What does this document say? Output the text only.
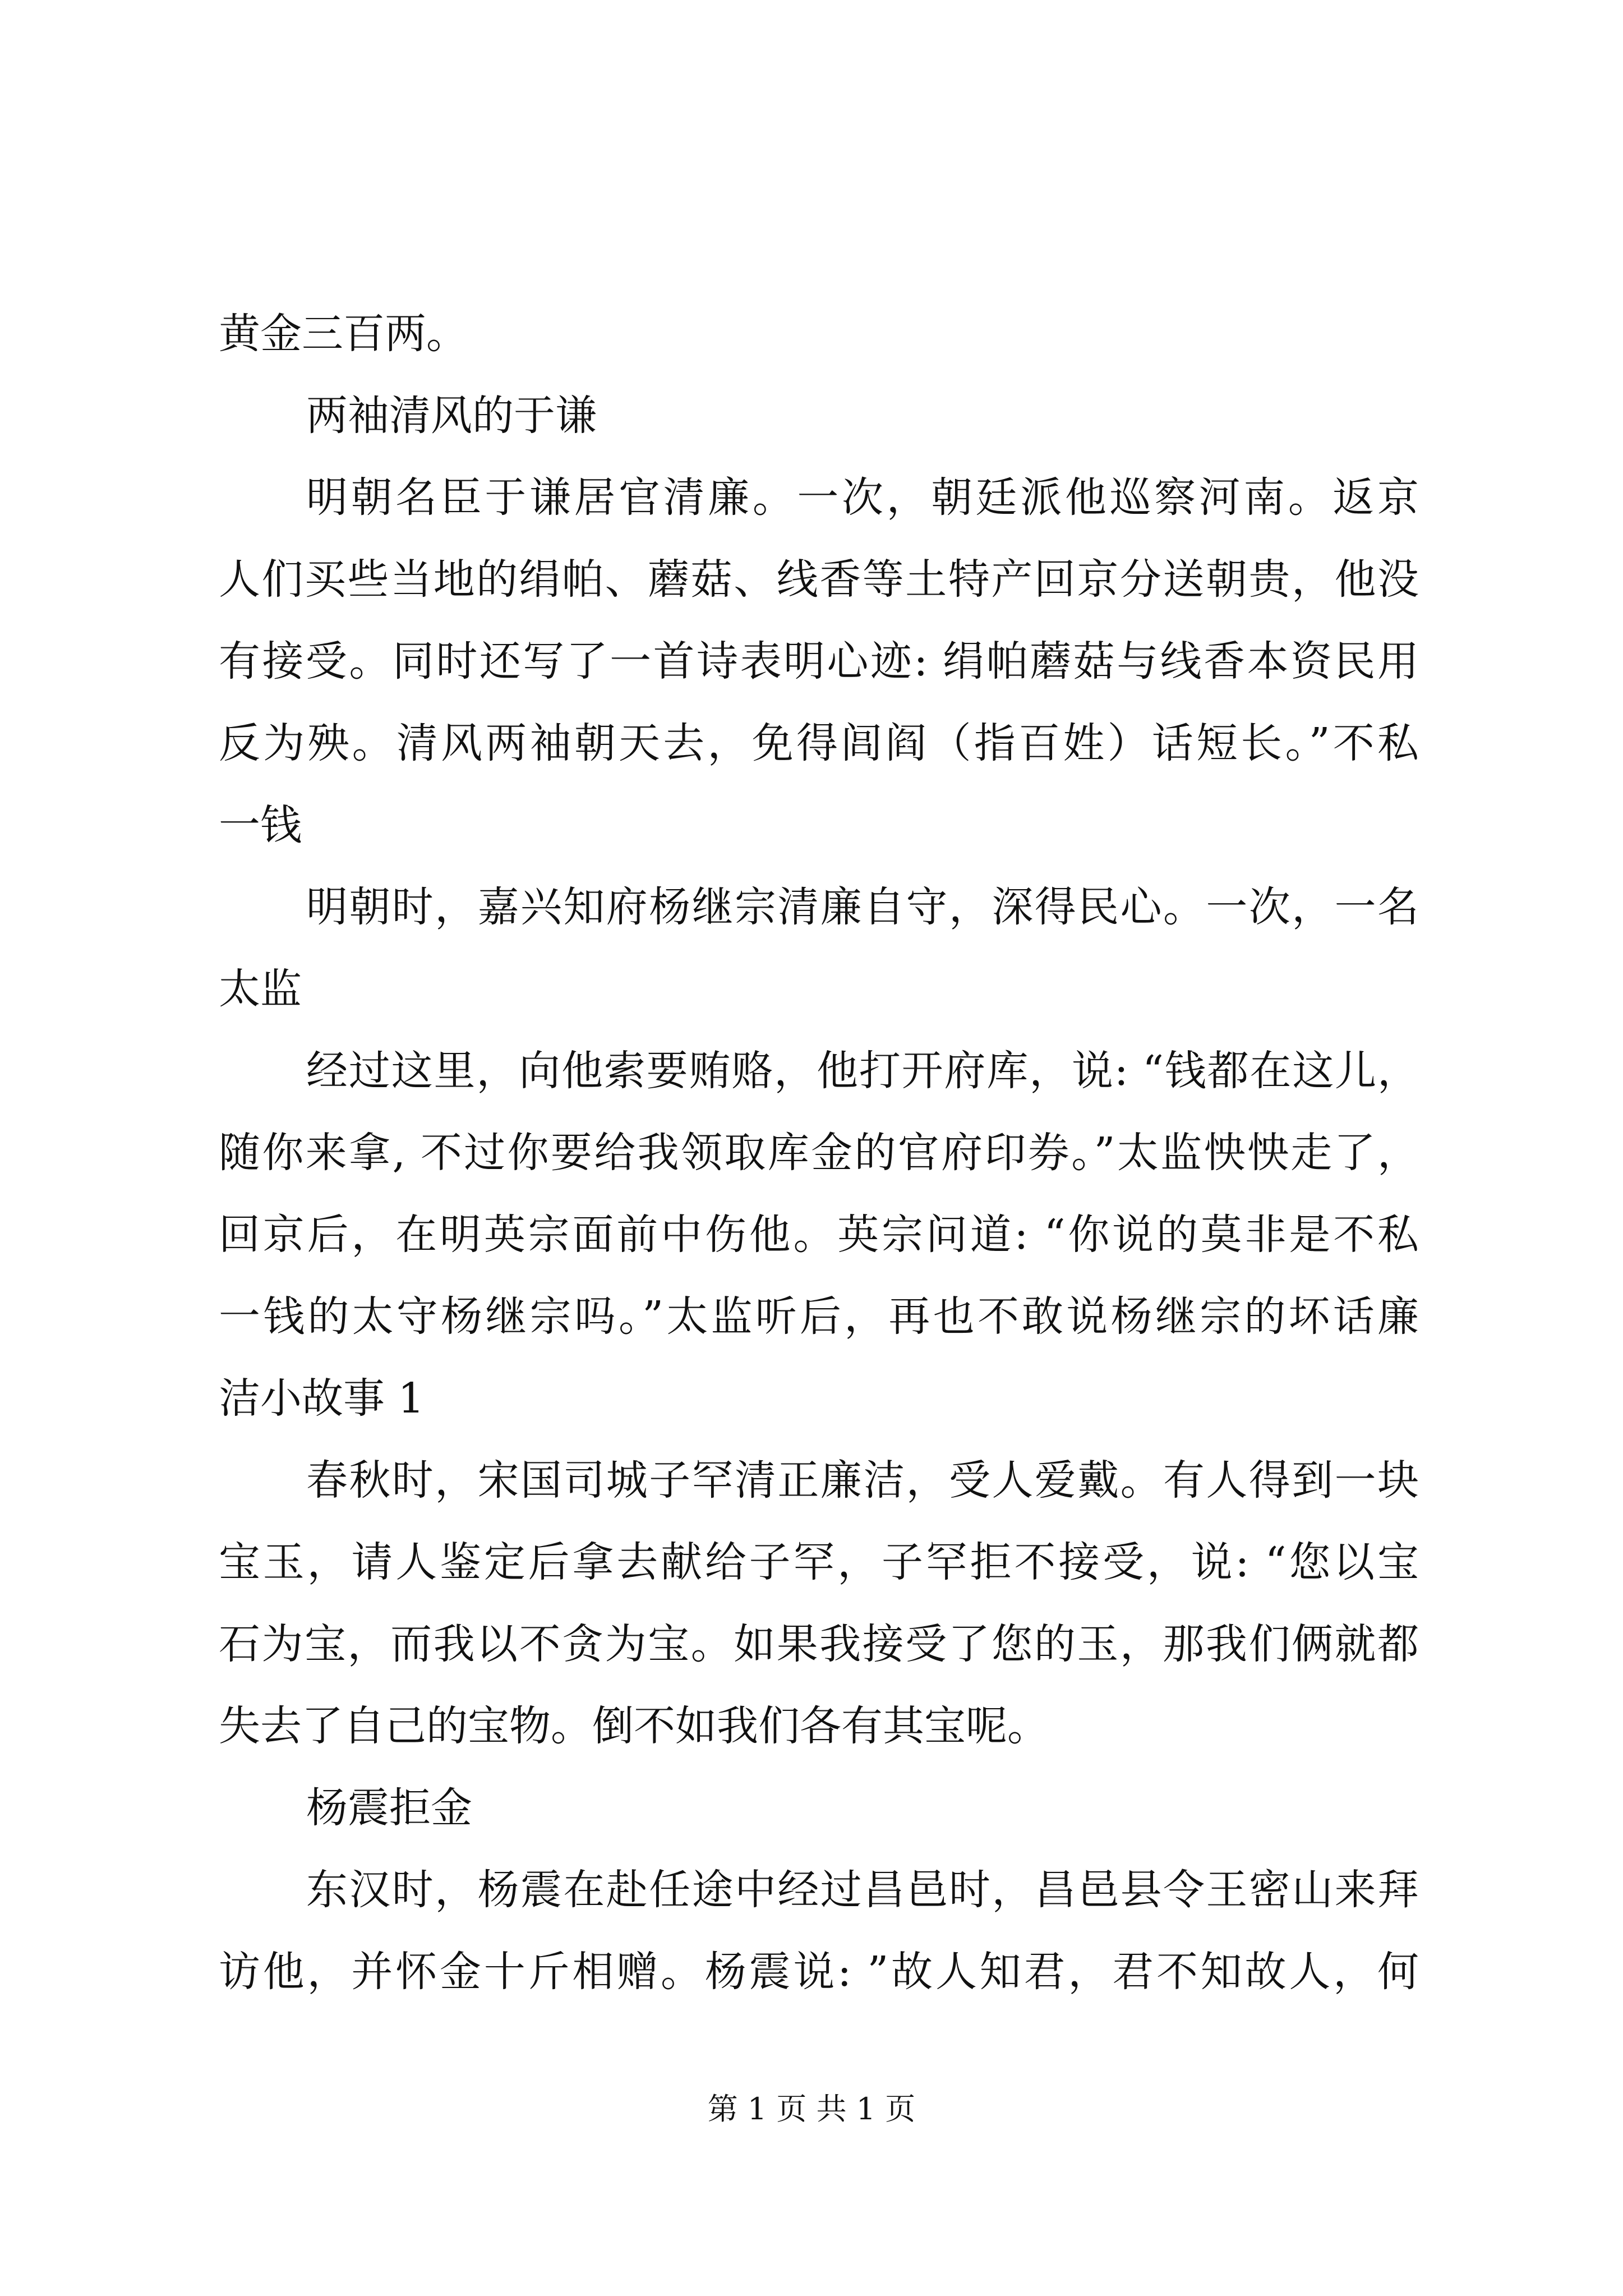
黄金三百两。
两袖清风的于谦
明朝名臣于谦居官清廉。一次，朝廷派他巡察河南。返京
人们买些当地的绢帕、蘑菇、线香等土特产回京分送朝贵，他没
有接受。同时还写了一首诗表明心迹: 绢帕蘑菇与线香本资民用
反为殃。清风两袖朝天去，免得闾阎（指百姓）话短长。”不私
一钱
明朝时，嘉兴知府杨继宗清廉自守，深得民心。一次，一名
太监
经过这里，向他索要贿赂，他打开府库，说: “钱都在这儿，
随你来拿, 不过你要给我领取库金的官府印券。”太监怏怏走了，
回京后，在明英宗面前中伤他。英宗问道: “你说的莫非是不私
一钱的太守杨继宗吗。”太监听后，再也不敢说杨继宗的坏话廉
洁小故事 1
春秋时，宋国司城子罕清正廉洁，受人爱戴。有人得到一块
宝玉，请人鉴定后拿去献给子罕，子罕拒不接受，说: “您以宝
石为宝，而我以不贪为宝。如果我接受了您的玉，那我们俩就都
失去了自己的宝物。倒不如我们各有其宝呢。
杨震拒金
东汉时，杨震在赴任途中经过昌邑时，昌邑县令王密山来拜
访他，并怀金十斤相赠。杨震说: ”故人知君，君不知故人，何
第 1 页 共 1 页
